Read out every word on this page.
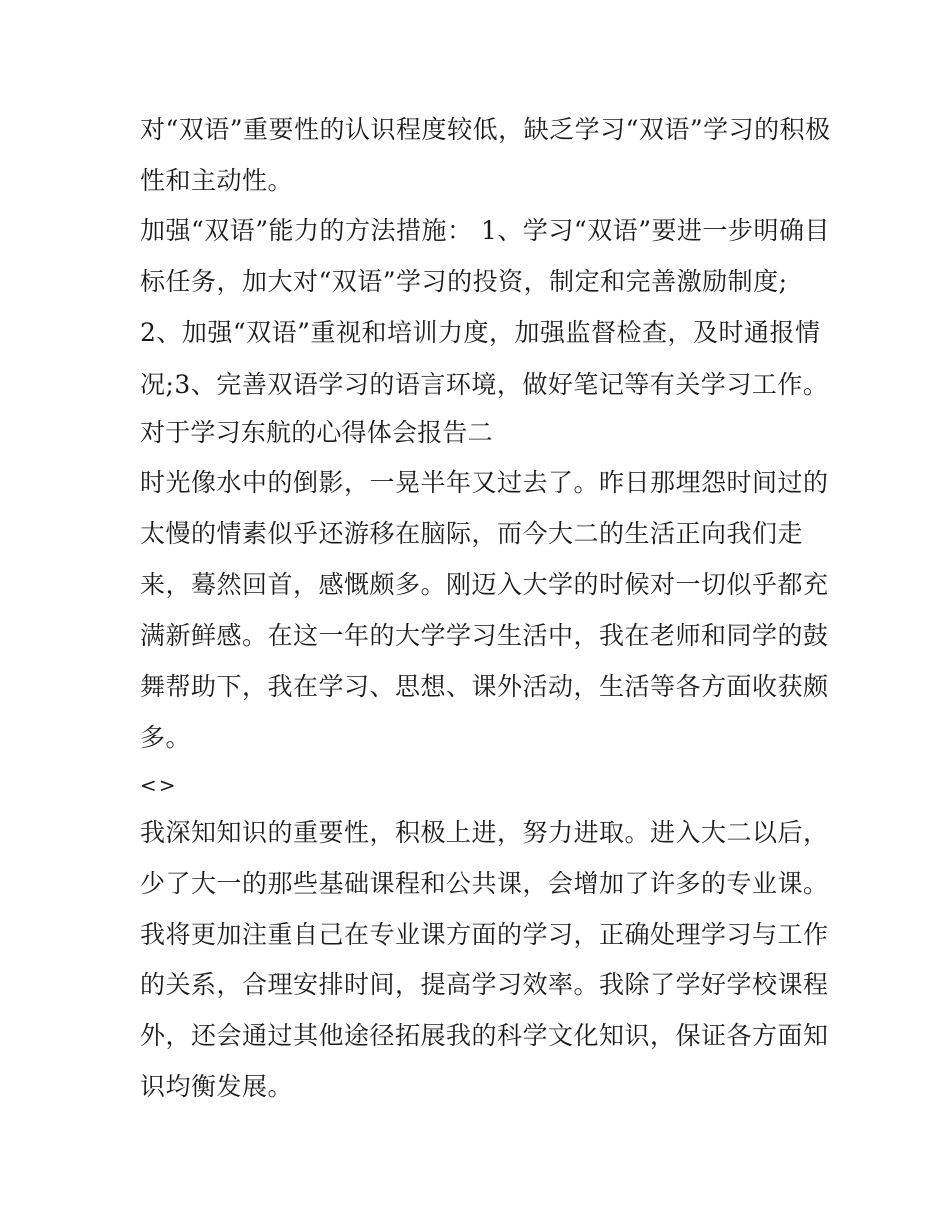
对“双语”重要性的认识程度较低，缺乏学习“双语”学习的积极
性和主动性。
加强“双语”能力的方法措施： 1、学习“双语”要进一步明确目
标任务，加大对“双语”学习的投资，制定和完善激励制度;
2、加强“双语”重视和培训力度，加强监督检查，及时通报情
况;3、完善双语学习的语言环境，做好笔记等有关学习工作。
对于学习东航的心得体会报告二
时光像水中的倒影，一晃半年又过去了。昨日那埋怨时间过的
太慢的情素似乎还游移在脑际，而今大二的生活正向我们走
来，蓦然回首，感慨颇多。刚迈入大学的时候对一切似乎都充
满新鲜感。在这一年的大学学习生活中，我在老师和同学的鼓
舞帮助下，我在学习、思想、课外活动，生活等各方面收获颇
多。
<>
我深知知识的重要性，积极上进，努力进取。进入大二以后，
少了大一的那些基础课程和公共课，会增加了许多的专业课。
我将更加注重自己在专业课方面的学习，正确处理学习与工作
的关系，合理安排时间，提高学习效率。我除了学好学校课程
外，还会通过其他途径拓展我的科学文化知识，保证各方面知
识均衡发展。
